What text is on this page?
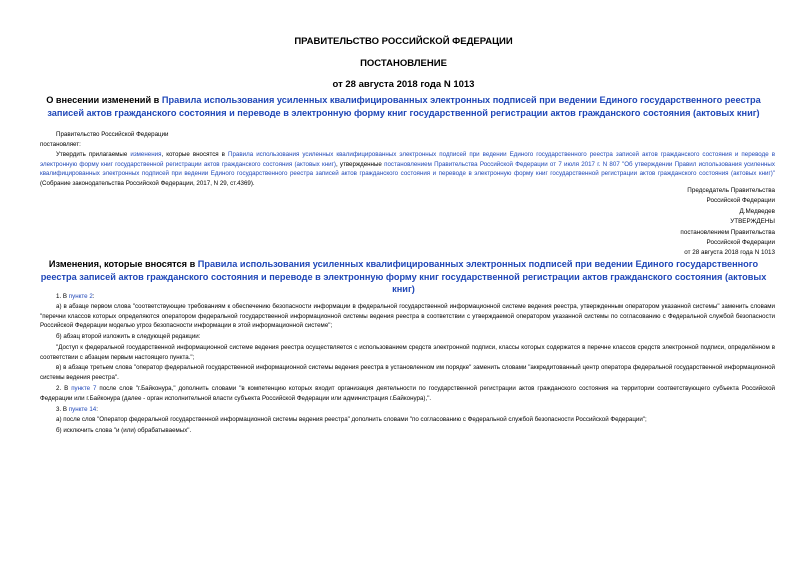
ПРАВИТЕЛЬСТВО РОССИЙСКОЙ ФЕДЕРАЦИИ
ПОСТАНОВЛЕНИЕ
от 28 августа 2018 года N 1013
О внесении изменений в Правила использования усиленных квалифицированных электронных подписей при ведении Единого государственного реестра записей актов гражданского состояния и переводе в электронную форму книг государственной регистрации актов гражданского состояния (актовых книг)
Правительство Российской Федерации
постановляет:
Утвердить прилагаемые изменения, которые вносятся в Правила использования усиленных квалифицированных электронных подписей при ведении Единого государственного реестра записей актов гражданского состояния и переводе в электронную форму книг государственной регистрации актов гражданского состояния (актовых книг), утвержденные постановлением Правительства Российской Федерации от 7 июля 2017 г. N 807 "Об утверждении Правил использования усиленных квалифицированных электронных подписей при ведении Единого государственного реестра записей актов гражданского состояния и переводе в электронную форму книг государственной регистрации актов гражданского состояния (актовых книг)" (Собрание законодательства Российской Федерации, 2017, N 29, ст.4369).
Председатель Правительства
Российской Федерации
Д.Медведев
УТВЕРЖДЕНЫ
постановлением Правительства
Российской Федерации
от 28 августа 2018 года N 1013
Изменения, которые вносятся в Правила использования усиленных квалифицированных электронных подписей при ведении Единого государственного реестра записей актов гражданского состояния и переводе в электронную форму книг государственной регистрации актов гражданского состояния (актовых книг)
1. В пункте 2:
а) в абзаце первом слова "соответствующие требованиям к обеспечению безопасности информации в федеральной государственной информационной системе ведения реестра, утвержденным оператором указанной системы" заменить словами "перечни классов которых определяются оператором федеральной государственной информационной системы ведения реестра в соответствии с утверждаемой оператором указанной системы по согласованию с Федеральной службой безопасности Российской Федерации моделью угроз безопасности информации в этой информационной системе";
б) абзац второй изложить в следующей редакции:
"Доступ к федеральной государственной информационной системе ведения реестра осуществляется с использованием средств электронной подписи, классы которых содержатся в перечне классов средств электронной подписи, определённом в соответствии с абзацем первым настоящего пункта.";
в) в абзаце третьем слова "оператор федеральной государственной информационной системы ведения реестра в установленном им порядке" заменить словами "аккредитованный центр оператора федеральной государственной информационной системы ведения реестра".
2. В пункте 7 после слов "г.Байконура," дополнить словами "в компетенцию которых входит организация деятельности по государственной регистрации актов гражданского состояния на территории соответствующего субъекта Российской Федерации или г.Байконура (далее - орган исполнительной власти субъекта Российской Федерации или администрация г.Байконура),".
3. В пункте 14:
а) после слов "Оператор федеральной государственной информационной системы ведения реестра" дополнить словами "по согласованию с Федеральной службой безопасности Российской Федерации";
б) исключить слова "и (или) обрабатываемых".
